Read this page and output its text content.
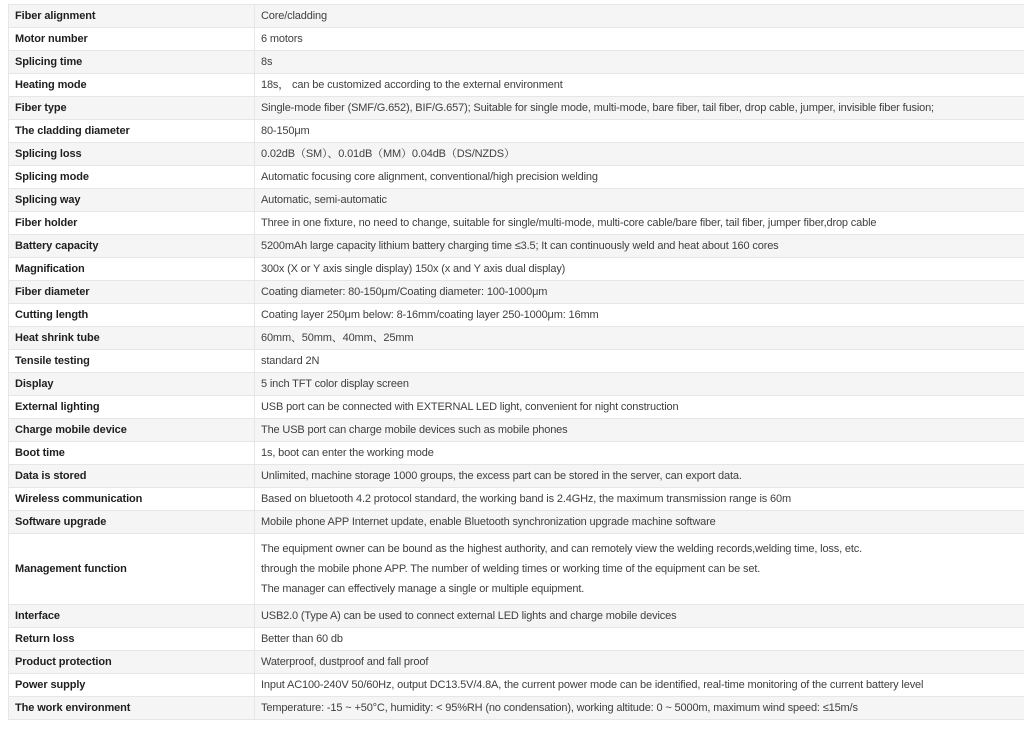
Fiber alignment	Core/cladding
Motor number	6 motors
Splicing time	8s
Heating mode	18s， can be customized according to the external environment
Fiber type	Single-mode fiber (SMF/G.652), BIF/G.657); Suitable for single mode, multi-mode, bare fiber, tail fiber, drop cable, jumper, invisible fiber fusion;
The cladding diameter	80-150μm
Splicing loss	0.02dB（SM）、0.01dB（MM）0.04dB（DS/NZDS）
Splicing mode	Automatic focusing core alignment, conventional/high precision welding
Splicing way	Automatic, semi-automatic
Fiber holder	Three in one fixture, no need to change, suitable for single/multi-mode, multi-core cable/bare fiber, tail fiber, jumper fiber,drop cable
Battery capacity	5200mAh large capacity lithium battery charging time ≤3.5; It can continuously weld and heat about 160 cores
Magnification	300x (X or Y axis single display) 150x (x and Y axis dual display)
Fiber diameter	Coating diameter: 80-150μm/Coating diameter: 100-1000μm
Cutting length	Coating layer 250μm below: 8-16mm/coating layer 250-1000μm: 16mm
Heat shrink tube	60mm、50mm、40mm、25mm
Tensile testing	standard 2N
Display	5 inch TFT color display screen
External lighting	USB port can be connected with EXTERNAL LED light, convenient for night construction
Charge mobile device	The USB port can charge mobile devices such as mobile phones
Boot time	1s, boot can enter the working mode
Data is stored	Unlimited, machine storage 1000 groups, the excess part can be stored in the server, can export data.
Wireless communication	Based on bluetooth 4.2 protocol standard, the working band is 2.4GHz, the maximum transmission range is 60m
Software upgrade	Mobile phone APP Internet update, enable Bluetooth synchronization upgrade machine software
Management function	The equipment owner can be bound as the highest authority, and can remotely view the welding records,welding time, loss, etc.
through the mobile phone APP. The number of welding times or working time of the equipment can be set.
The manager can effectively manage a single or multiple equipment.

Interface	USB2.0 (Type A) can be used to connect external LED lights and charge mobile devices
Return loss	Better than 60 db
Product protection	Waterproof, dustproof and fall proof
Power supply	Input AC100-240V 50/60Hz, output DC13.5V/4.8A, the current power mode can be identified, real-time monitoring of the current battery level
The work environment	Temperature: -15 ~ +50°C, humidity: < 95%RH (no condensation), working altitude: 0 ~ 5000m, maximum wind speed: ≤15m/s
